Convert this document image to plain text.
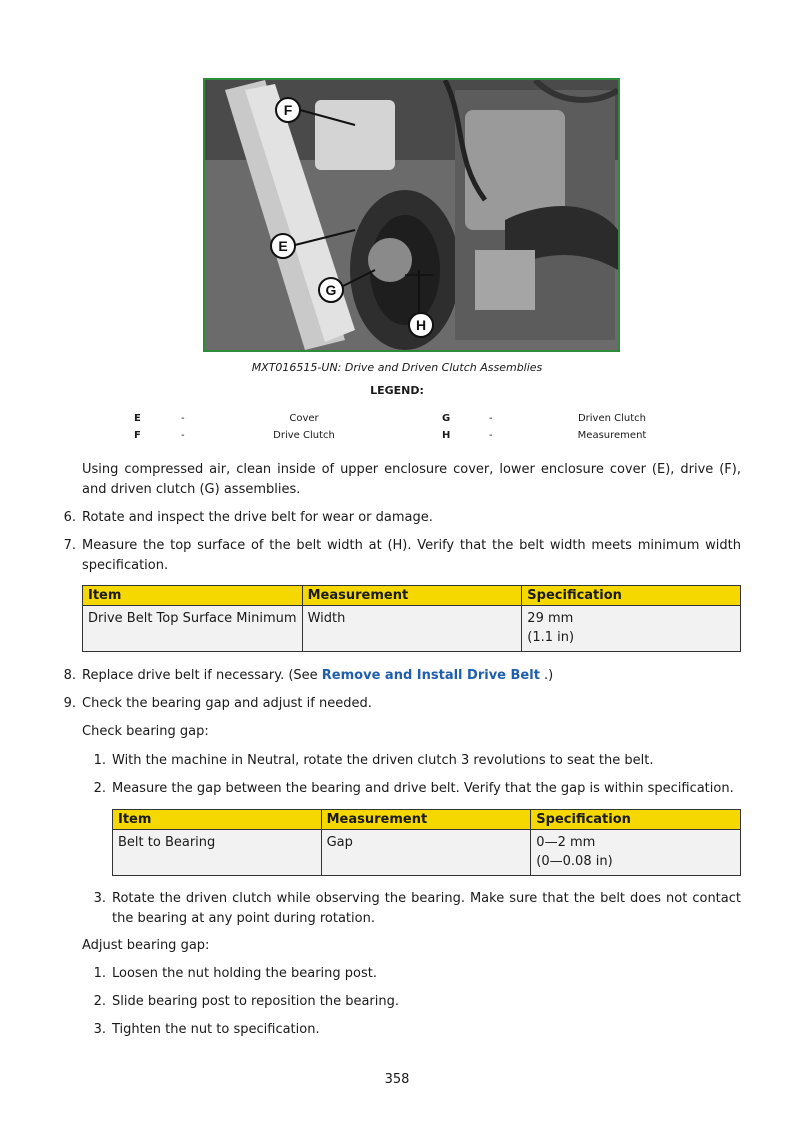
F
E
G
H
MXT016515-UN: Drive and Driven Clutch Assemblies
LEGEND:
E	-	Cover	G	-	Driven Clutch
F	-	Drive Clutch	H	-	Measurement
Using compressed air, clean inside of upper enclosure cover, lower enclosure cover (E), drive (F), and driven clutch (G) assemblies.
6. Rotate and inspect the drive belt for wear or damage.
7. Measure the top surface of the belt width at (H). Verify that the belt width meets minimum width specification.
Item	Measurement	Specification
Drive Belt Top Surface Minimum	Width	29 mm
(1.1 in)
8. Replace drive belt if necessary. (See Remove and Install Drive Belt .)
9. Check the bearing gap and adjust if needed.
Check bearing gap:
1. With the machine in Neutral, rotate the driven clutch 3 revolutions to seat the belt.
2. Measure the gap between the bearing and drive belt. Verify that the gap is within specification.
Item	Measurement	Specification
Belt to Bearing	Gap	0—2 mm
(0—0.08 in)
3. Rotate the driven clutch while observing the bearing. Make sure that the belt does not contact the bearing at any point during rotation.
Adjust bearing gap:
1. Loosen the nut holding the bearing post.
2. Slide bearing post to reposition the bearing.
3. Tighten the nut to specification.
358
